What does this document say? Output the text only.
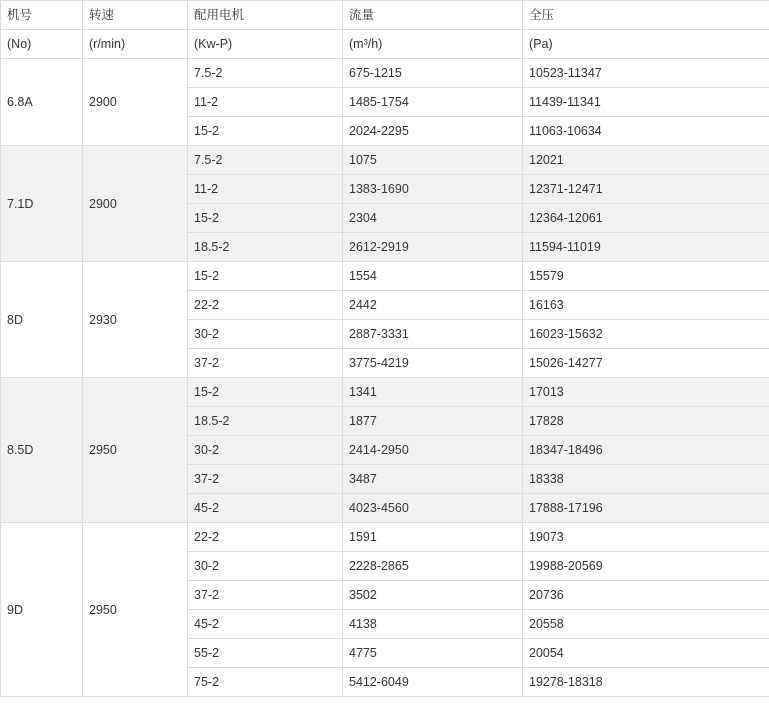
机号	转速	配用电机	流量	全压
(No)	(r/min)	(Kw-P)	(m³/h)	(Pa)
6.8A	2900	7.5-2	675-1215	10523-11347
		11-2	1485-1754	11439-11341
		15-2	2024-2295	11063-10634
7.1D	2900	7.5-2	1075	12021
		11-2	1383-1690	12371-12471
		15-2	2304	12364-12061
		18.5-2	2612-2919	11594-11019
8D	2930	15-2	1554	15579
		22-2	2442	16163
		30-2	2887-3331	16023-15632
		37-2	3775-4219	15026-14277
8.5D	2950	15-2	1341	17013
		18.5-2	1877	17828
		30-2	2414-2950	18347-18496
		37-2	3487	18338
		45-2	4023-4560	17888-17196
9D	2950	22-2	1591	19073
		30-2	2228-2865	19988-20569
		37-2	3502	20736
		45-2	4138	20558
		55-2	4775	20054
		75-2	5412-6049	19278-18318
